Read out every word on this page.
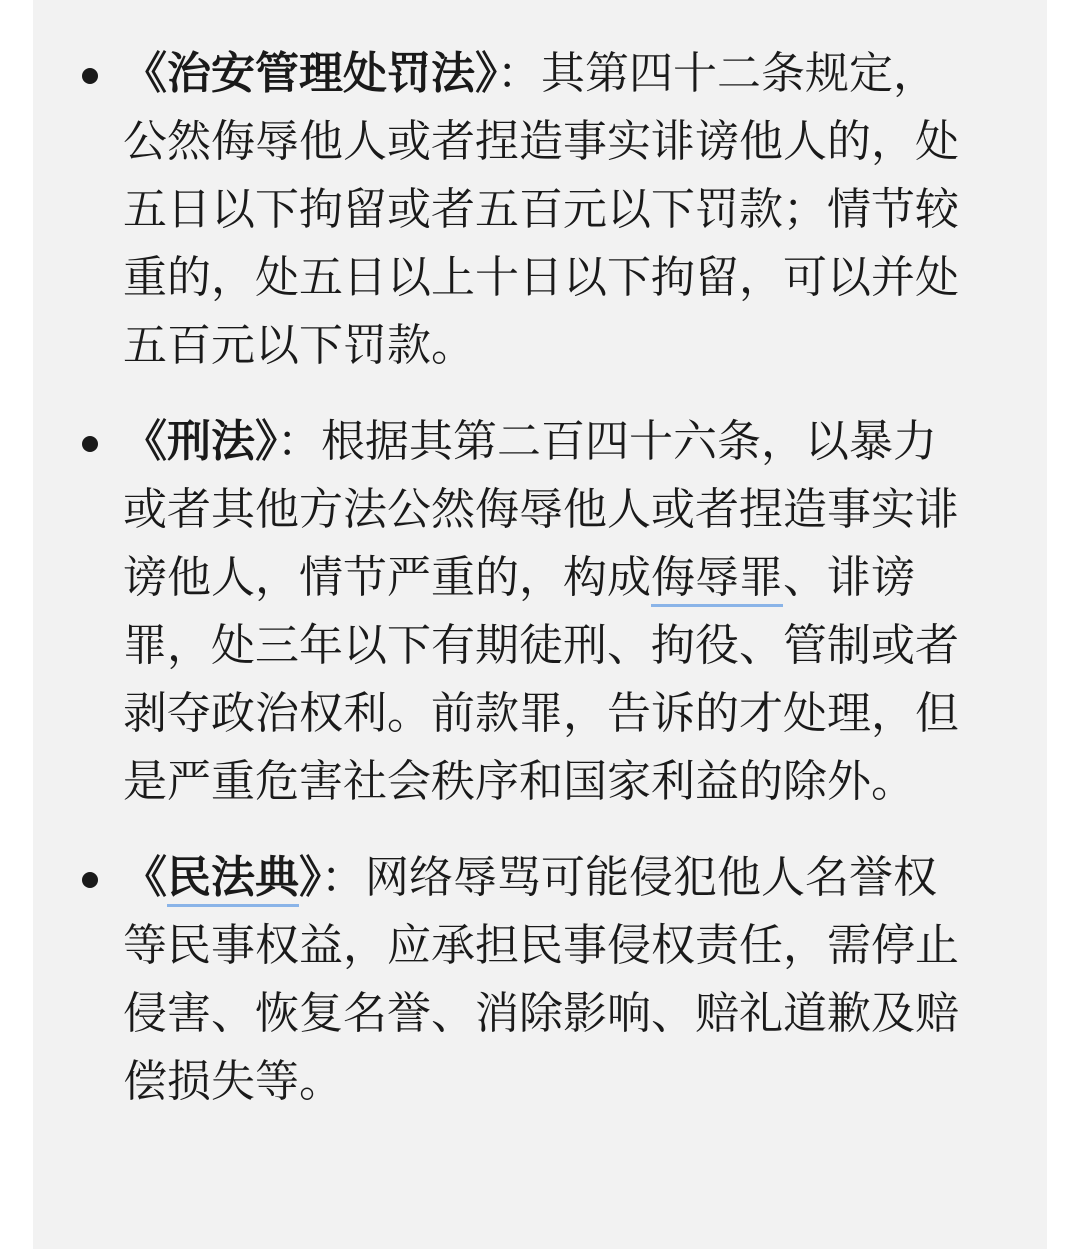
《治安管理处罚法》：其第四十二条规定，公然侮辱他人或者捏造事实诽谤他人的，处五日以下拘留或者五百元以下罚款；情节较重的，处五日以上十日以下拘留，可以并处五百元以下罚款。
《刑法》：根据其第二百四十六条，以暴力或者其他方法公然侮辱他人或者捏造事实诽谤他人，情节严重的，构成侮辱罪、诽谤罪，处三年以下有期徒刑、拘役、管制或者剥夺政治权利。前款罪，告诉的才处理，但是严重危害社会秩序和国家利益的除外。
《民法典》：网络辱骂可能侵犯他人名誉权等民事权益，应承担民事侵权责任，需停止侵害、恢复名誉、消除影响、赔礼道歉及赔偿损失等。
